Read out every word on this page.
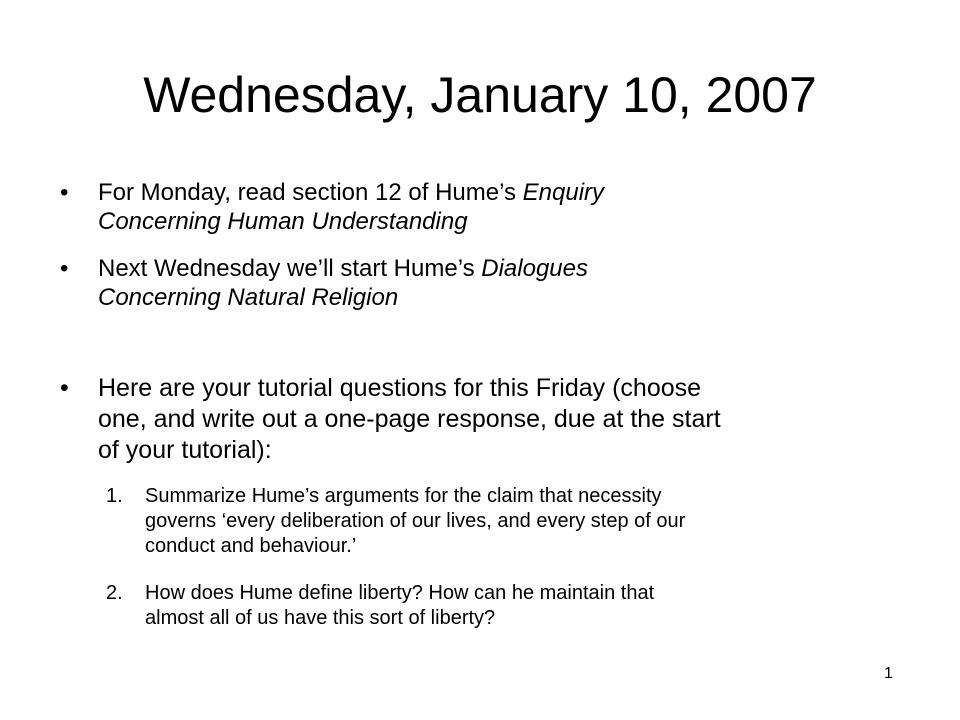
Wednesday, January 10, 2007
• For Monday, read section 12 of Hume’s Enquiry
Concerning Human Understanding
• Next Wednesday we’ll start Hume’s Dialogues
Concerning Natural Religion
• Here are your tutorial questions for this Friday (choose
one, and write out a one-page response, due at the start
of your tutorial):
1. Summarize Hume’s arguments for the claim that necessity
governs ‘every deliberation of our lives, and every step of our
conduct and behaviour.’
2. How does Hume define liberty? How can he maintain that
almost all of us have this sort of liberty?
1
